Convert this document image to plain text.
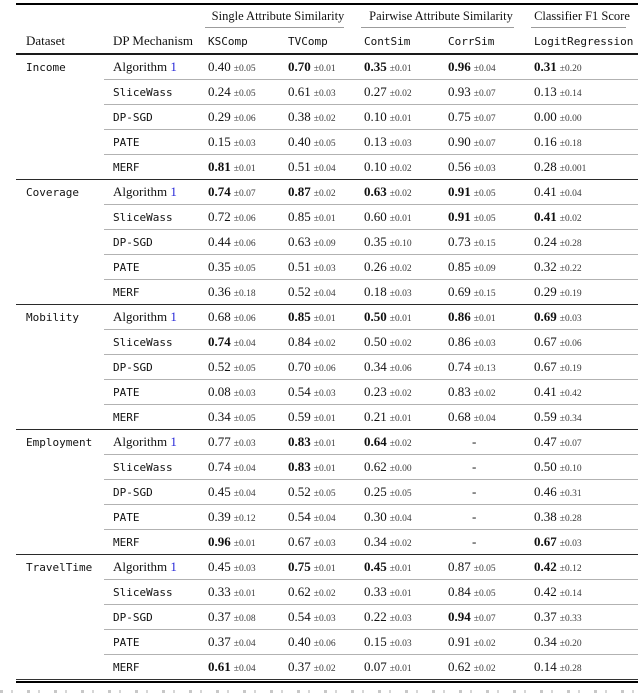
Single Attribute Similarity Pairwise Attribute Similarity Classifier F1 Score
Dataset	DP Mechanism	KSComp	TVComp	ContSim	CorrSim	LogitRegression
Income	Algorithm 1	0.40 ±0.05	0.70 ±0.01	0.35 ±0.01	0.96 ±0.04	0.31 ±0.20
SliceWass	0.24 ±0.05	0.61 ±0.03	0.27 ±0.02	0.93 ±0.07	0.13 ±0.14
DP-SGD	0.29 ±0.06	0.38 ±0.02	0.10 ±0.01	0.75 ±0.07	0.00 ±0.00
PATE	0.15 ±0.03	0.40 ±0.05	0.13 ±0.03	0.90 ±0.07	0.16 ±0.18
MERF	0.81 ±0.01	0.51 ±0.04	0.10 ±0.02	0.56 ±0.03	0.28 ±0.001
Coverage	Algorithm 1	0.74 ±0.07	0.87 ±0.02	0.63 ±0.02	0.91 ±0.05	0.41 ±0.04
SliceWass	0.72 ±0.06	0.85 ±0.01	0.60 ±0.01	0.91 ±0.05	0.41 ±0.02
DP-SGD	0.44 ±0.06	0.63 ±0.09	0.35 ±0.10	0.73 ±0.15	0.24 ±0.28
PATE	0.35 ±0.05	0.51 ±0.03	0.26 ±0.02	0.85 ±0.09	0.32 ±0.22
MERF	0.36 ±0.18	0.52 ±0.04	0.18 ±0.03	0.69 ±0.15	0.29 ±0.19
Mobility	Algorithm 1	0.68 ±0.06	0.85 ±0.01	0.50 ±0.01	0.86 ±0.01	0.69 ±0.03
SliceWass	0.74 ±0.04	0.84 ±0.02	0.50 ±0.02	0.86 ±0.03	0.67 ±0.06
DP-SGD	0.52 ±0.05	0.70 ±0.06	0.34 ±0.06	0.74 ±0.13	0.67 ±0.19
PATE	0.08 ±0.03	0.54 ±0.03	0.23 ±0.02	0.83 ±0.02	0.41 ±0.42
MERF	0.34 ±0.05	0.59 ±0.01	0.21 ±0.01	0.68 ±0.04	0.59 ±0.34
Employment	Algorithm 1	0.77 ±0.03	0.83 ±0.01	0.64 ±0.02	-	0.47 ±0.07
SliceWass	0.74 ±0.04	0.83 ±0.01	0.62 ±0.00	-	0.50 ±0.10
DP-SGD	0.45 ±0.04	0.52 ±0.05	0.25 ±0.05	-	0.46 ±0.31
PATE	0.39 ±0.12	0.54 ±0.04	0.30 ±0.04	-	0.38 ±0.28
MERF	0.96 ±0.01	0.67 ±0.03	0.34 ±0.02	-	0.67 ±0.03
TravelTime	Algorithm 1	0.45 ±0.03	0.75 ±0.01	0.45 ±0.01	0.87 ±0.05	0.42 ±0.12
SliceWass	0.33 ±0.01	0.62 ±0.02	0.33 ±0.01	0.84 ±0.05	0.42 ±0.14
DP-SGD	0.37 ±0.08	0.54 ±0.03	0.22 ±0.03	0.94 ±0.07	0.37 ±0.33
PATE	0.37 ±0.04	0.40 ±0.06	0.15 ±0.03	0.91 ±0.02	0.34 ±0.20
MERF	0.61 ±0.04	0.37 ±0.02	0.07 ±0.01	0.62 ±0.02	0.14 ±0.28
